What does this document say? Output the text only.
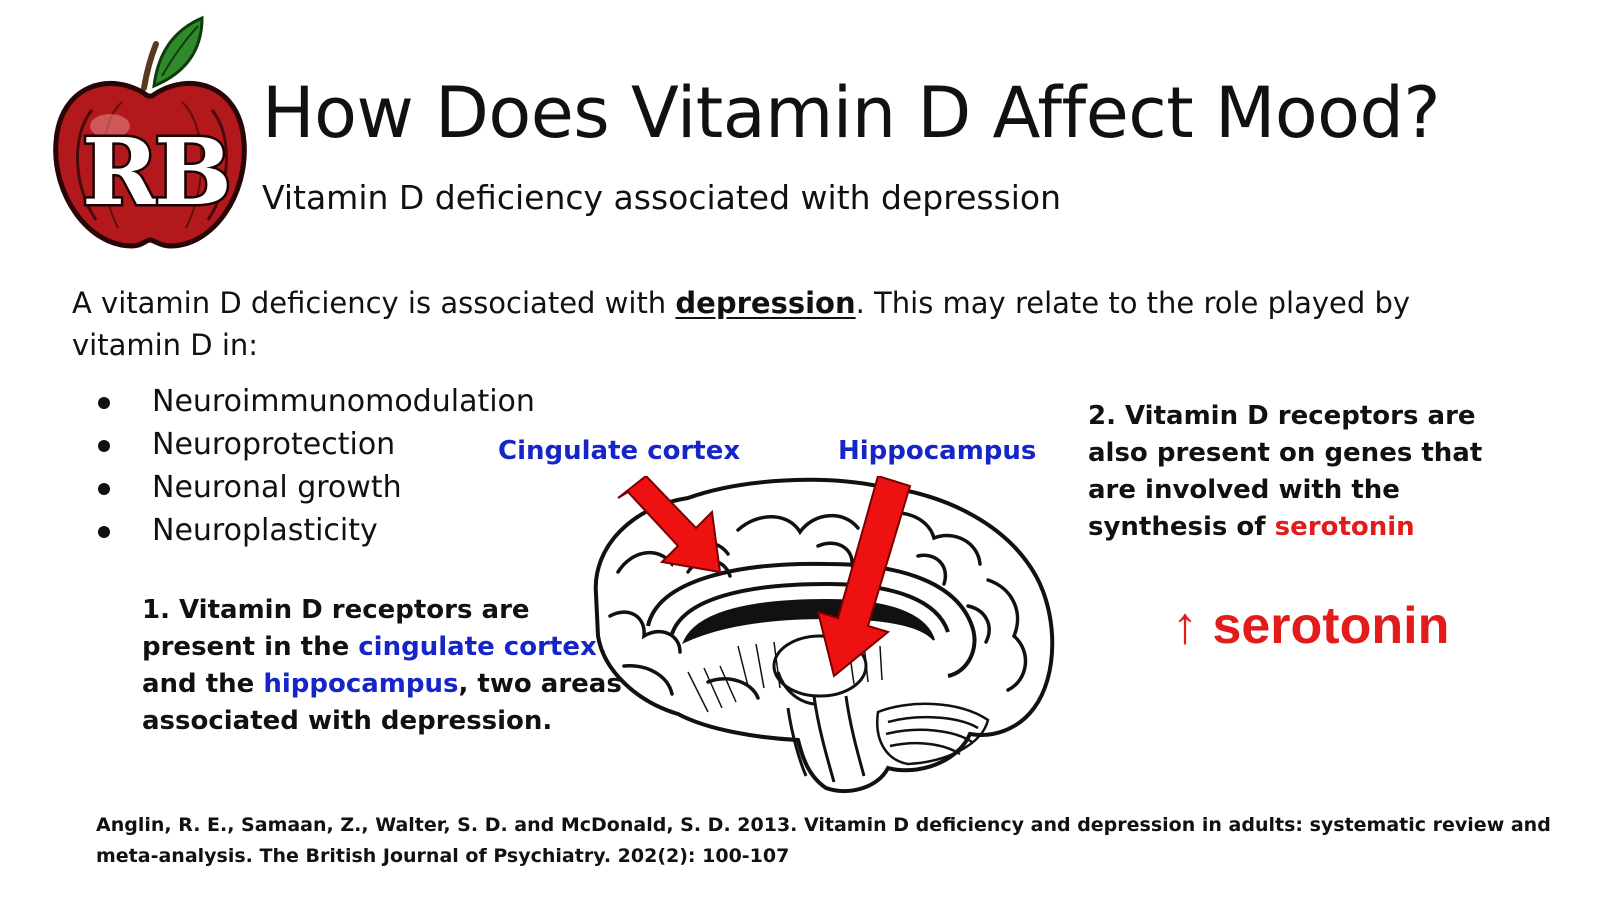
R
B
How Does Vitamin D Affect Mood?
Vitamin D deficiency associated with depression
A vitamin D deficiency is associated with depression. This may relate to the role played by vitamin D in:
Neuroimmunomodulation
Neuroprotection
Neuronal growth
Neuroplasticity
Cingulate cortex	Hippocampus
1. Vitamin D receptors are
present in the cingulate cortex
and the hippocampus, two areas
associated with depression.
2. Vitamin D receptors are
also present on genes that
are involved with the
synthesis of serotonin
↑ serotonin
Anglin, R. E., Samaan, Z., Walter, S. D. and McDonald, S. D. 2013. Vitamin D deficiency and depression in adults: systematic review and meta-analysis. The British Journal of Psychiatry. 202(2): 100-107
